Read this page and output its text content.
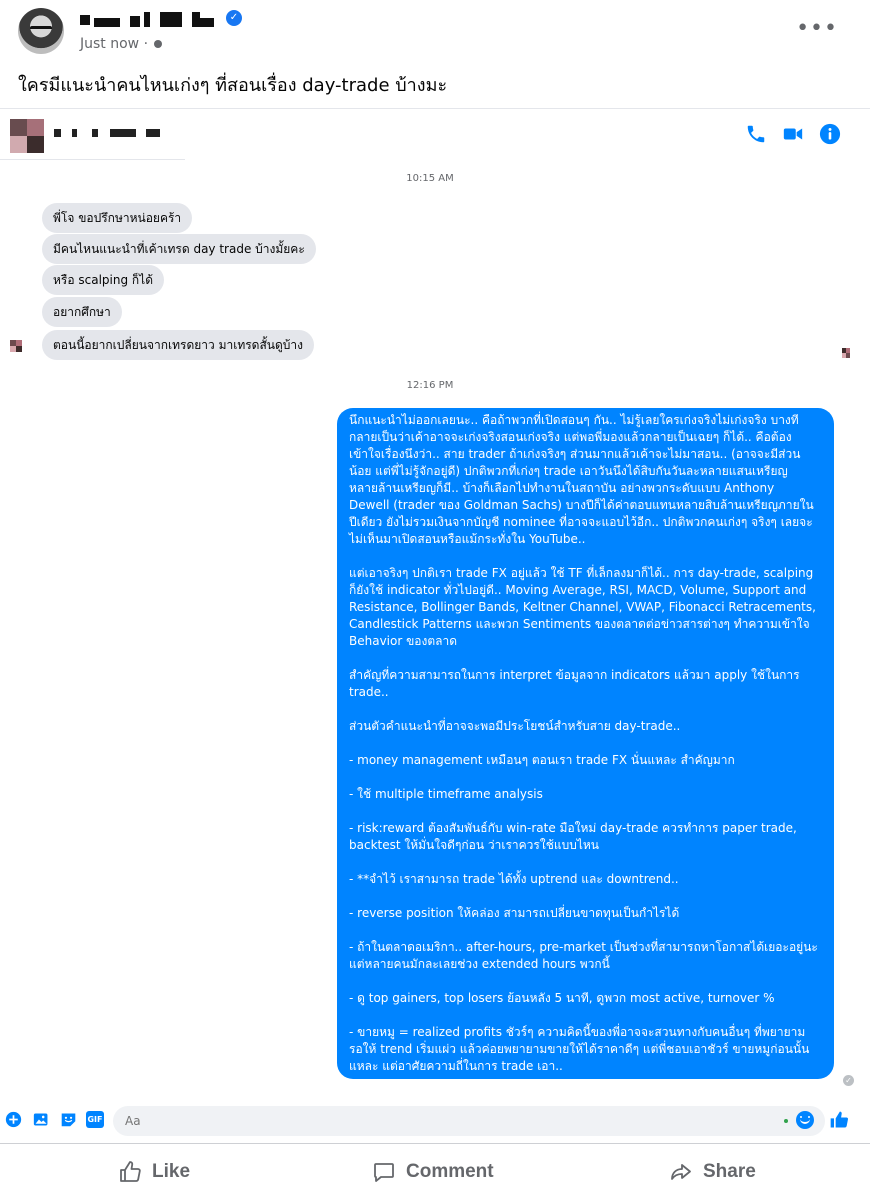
✓
Just now ·
•••
ใครมีแนะนำคนไหนเก่งๆ ที่สอนเรื่อง day-trade บ้างมะ
10:15 AM
พี่โจ ขอปรึกษาหน่อยคร้า
มีคนไหนแนะนำที่เค้าเทรด day trade บ้างมั้ยคะ
หรือ scalping ก็ได้
อยากศึกษา
ตอนนี้อยากเปลี่ยนจากเทรดยาว มาเทรดสั้นดูบ้าง
12:16 PM

นึกแนะนำไม่ออกเลยนะ.. คือถ้าพวกที่เปิดสอนๆ กัน.. ไม่รู้เลยใครเก่งจริงไม่เก่งจริง บางที กลายเป็นว่าเค้าอาจจะเก่งจริงสอนเก่งจริง แต่พอพี่มองแล้วกลายเป็นเฉยๆ ก็ได้.. คือต้องเข้าใจเรื่องนึงว่า.. สาย trader ถ้าเก่งจริงๆ ส่วนมากแล้วเค้าจะไม่มาสอน.. (อาจจะมีส่วนน้อย แต่พี่ไม่รู้จักอยู่ดี) ปกติพวกที่เก่งๆ trade เอาวันนึงได้สิบกันวันละหลายแสนเหรียญ หลายล้านเหรียญก็มี.. บ้างก็เลือกไปทำงานในสถาบัน อย่างพวกระดับแบบ Anthony Dewell (trader ของ Goldman Sachs) บางปีก็ได้ค่าตอบแทนหลายสิบล้านเหรียญภายในปีเดียว ยังไม่รวมเงินจากบัญชี nominee ที่อาจจะแอบไว้อีก.. ปกติพวกคนเก่งๆ จริงๆ เลยจะไม่เห็นมาเปิดสอนหรือแม้กระทั่งใน YouTube..

แต่เอาจริงๆ ปกติเรา trade FX อยู่แล้ว ใช้ TF ที่เล็กลงมาก็ได้.. การ day-trade, scalping ก็ยังใช้ indicator ทั่วไปอยู่ดี.. Moving Average, RSI, MACD, Volume, Support and Resistance, Bollinger Bands, Keltner Channel, VWAP, Fibonacci Retracements, Candlestick Patterns และพวก Sentiments ของตลาดต่อข่าวสารต่างๆ ทำความเข้าใจ Behavior ของตลาด

สำคัญที่ความสามารถในการ interpret ข้อมูลจาก indicators แล้วมา apply ใช้ในการ trade..

ส่วนตัวคำแนะนำที่อาจจะพอมีประโยชน์สำหรับสาย day-trade..

- money management เหมือนๆ ตอนเรา trade FX นั่นแหละ สำคัญมาก

- ใช้ multiple timeframe analysis

- risk:reward ต้องสัมพันธ์กับ win-rate มือใหม่ day-trade ควรทำการ paper trade, backtest ให้มั่นใจดีๆก่อน ว่าเราควรใช้แบบไหน

- **จำไว้ เราสามารถ trade ได้ทั้ง uptrend และ downtrend..

- reverse position ให้คล่อง สามารถเปลี่ยนขาดทุนเป็นกำไรได้

- ถ้าในตลาดอเมริกา.. after-hours, pre-market เป็นช่วงที่สามารถหาโอกาสได้เยอะอยู่นะ แต่หลายคนมักละเลยช่วง extended hours พวกนี้

- ดู top gainers, top losers ย้อนหลัง 5 นาที, ดูพวก most active, turnover %

- ขายหมู = realized profits ชัวร์ๆ ความคิดนี้ของพี่อาจจะสวนทางกับคนอื่นๆ ที่พยายามรอให้ trend เริ่มแผ่ว แล้วค่อยพยายามขายให้ได้ราคาดีๆ แต่พี่ชอบเอาชัวร์ ขายหมูก่อนนั้นแหละ แต่อาศัยความถี่ในการ trade เอา..

✓
GIF
Aa
Like	Comment	Share
